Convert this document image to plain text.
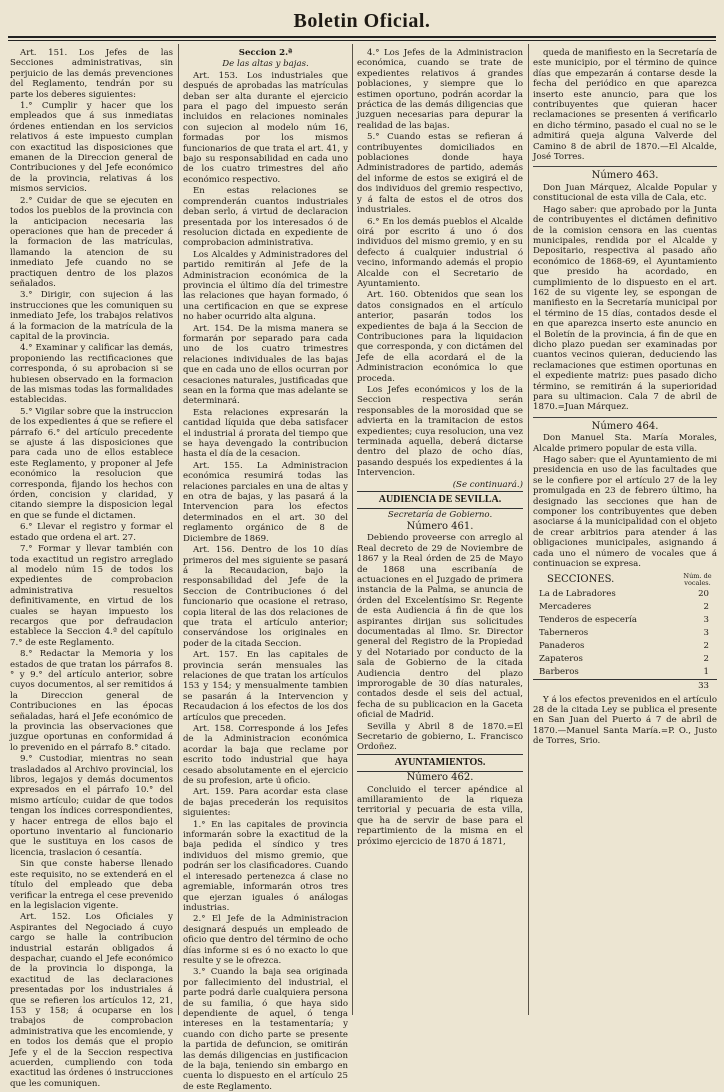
Boletin Oficial.

Art. 151. Los Jefes de las Secciones administrativas, sin perjuicio de las demás prevenciones del Reglamento, tendrán por su parte los deberes siguientes:

1.° Cumplir y hacer que los empleados que á sus inmediatas órdenes entiendan en los servicios relativos á este impuesto cumplan con exactitud las disposiciones que emanen de la Direccion general de Contribuciones y del Jefe económico de la provincia, relativas á los mismos servicios.

2.° Cuidar de que se ejecuten en todos los pueblos de la provincia con la anticipacion necesaria las operaciones que han de preceder á la formacion de las matrículas, llamando la atencion de su inmediato Jefe cuando no se practiquen dentro de los plazos señalados.

3.° Dirigir, con sujecion á las instrucciones que les comuniquen su inmediato Jefe, los trabajos relativos á la formacion de la matrícula de la capital de la provincia.

4.° Examinar y calificar las demás, proponiendo las rectificaciones que corresponda, ó su aprobacion si se hubiesen observado en la formacion de las mismas todas las formalidades establecidas.

5.° Vigilar sobre que la instruccion de los expedientes á que se refiere el párrafo 6.° del artículo precedente se ajuste á las disposiciones que para cada uno de ellos establece este Reglamento, y proponer al Jefe económico la resolucion que corresponda, fijando los hechos con órden, concision y claridad, y citando siempre la disposicion legal en que se funde el dictamen.

6.° Llevar el registro y formar el estado que ordena el art. 27.

7.° Formar y llevar también con toda exactitud un registro arreglado al modelo núm 15 de todos los expedientes de comprobacion administrativa resueltos definitivamente, en virtud de los cuales se hayan impuesto los recargos que por defraudacion establece la Seccion 4.ª del capítulo 7.° de este Reglamento.

8.° Redactar la Memoria y los estados de que tratan los párrafos 8.° y 9.° del artículo anterior, sobre cuyos documentos, al ser remitidos á la Direccion general de Contribuciones en las épocas señaladas, hará el Jefe económico de la provincia las observaciones que juzgue oportunas en conformidad á lo prevenido en el párrafo 8.° citado.

9.° Custodiar, mientras no sean trasladados al Archivo provincial, los libros, legajos y demás documentos expresados en el párrafo 10.° del mismo artículo; cuidar de que todos tengan los índices correspondientes, y hacer entrega de ellos bajo el oportuno inventario al funcionario que le sustituya en los casos de licencia, traslacion ó cesantía.

Sin que conste haberse llenado este requisito, no se extenderá en el título del empleado que deba verificar la entrega el cese prevenido en la legislacion vigente.

Art. 152. Los Oficiales y Aspirantes del Negociado á cuyo cargo se halle la contribucion industrial estarán obligados á despachar, cuando el Jefe económico de la provincia lo disponga, la exactitud de las declaraciones presentadas por los industriales á que se refieren los artículos 12, 21, 153 y 158; á ocuparse en los trabajos de comprobacion administrativa que les encomiende, y en todos los demás que el propio Jefe y el de la Seccion respectiva acuerden, cumpliendo con toda exactitud las órdenes ó instrucciones que les comuniquen.

Seccion 2.ª

De las altas y bajas.

Art. 153. Los industriales que después de aprobadas las matrículas deban ser alta durante el ejercicio para el pago del impuesto serán incluidos en relaciones nominales con sujecion al modelo núm 16, formadas por los mismos funcionarios de que trata el art. 41, y bajo su responsabilidad en cada uno de los cuatro trimestres del año económico respectivo.

En estas relaciones se comprenderán cuantos industriales deban serlo, á virtud de declaracion presentada por los interesados ó de resolucion dictada en expediente de comprobacion administrativa.

Los Alcaldes y Administradores del partido remitirán al Jefe de la Administracion económica de la provincia el último día del trimestre las relaciones que hayan formado, ó una certificacion en que se exprese no haber ocurrido alta alguna.

Art. 154. De la misma manera se formarán por separado para cada uno de los cuatro trimestres relaciones individuales de las bajas que en cada uno de ellos ocurran por cesaciones naturales, justificadas que sean en la forma que mas adelante se determinará.

Esta relaciones expresarán la cantidad líquida que deba satisfacer el industrial á prorata del tiempo que se haya devengado la contribucion hasta el día de la cesacion.

Art. 155. La Administracion económica resumirá todas las relaciones parciales en una de altas y en otra de bajas, y las pasará á la Intervencion para los efectos determinados en el art. 30 del reglamento orgánico de 8 de Diciembre de 1869.

Art. 156. Dentro de los 10 días primeros del mes siguiente se pasará á la Recaudacion, bajo la responsabilidad del Jefe de la Seccion de Contribuciones ó del funcionario que ocasione el retraso, copia literal de las dos relaciones de que trata el artículo anterior; conservándose los originales en poder de la citada Seccion.

Art. 157. En las capitales de provincia serán mensuales las relaciones de que tratan los artículos 153 y 154; y mensualmente tambien se pasarán á la Intervencion y Recaudacion á los efectos de los dos artículos que preceden.

Art. 158. Corresponde á los Jefes de la Administracion económica acordar la baja que reclame por escrito todo industrial que haya cesado absolutamente en el ejercicio de su profesion, arte ú oficio.

Art. 159. Para acordar esta clase de bajas precederán los requisitos siguientes:

1.° En las capitales de provincia informarán sobre la exactitud de la baja pedida el síndico y tres individuos del mismo gremio, que podrán ser los clasificadores. Cuando el interesado pertenezca á clase no agremiable, informarán otros tres que ejerzan iguales ó análogas industrias.

2.° El Jefe de la Administracion designará después un empleado de oficio que dentro del término de ocho días informe si es ó no exacto lo que resulte y se le ofrezca.

3.° Cuando la baja sea originada por fallecimiento del industrial, el parte podrá darle cualquiera persona de su familia, ó que haya sido dependiente de aquel, ó tenga intereses en la testamentaría; y cuando con dicho parte se presente la partida de defuncion, se omitirán las demás diligencias en justificacion de la baja, teniendo sin embargo en cuenta lo dispuesto en el artículo 25 de este Reglamento.

4.° Los Jefes de la Administracion económica, cuando se trate de expedientes relativos á grandes poblaciones, y siempre que lo estimen oportuno, podrán acordar la práctica de las demás diligencias que juzguen necesarias para depurar la realidad de las bajas.

5.° Cuando estas se refieran á contribuyentes domiciliados en poblaciones donde haya Administradores de partido, además del informe de estos se exigirá el de dos individuos del gremio respectivo, y á falta de estos el de otros dos industriales.

6.° En los demás pueblos el Alcalde oirá por escrito á uno ó dos individuos del mismo gremio, y en su defecto á cualquier industrial ó vecino, informando además el propio Alcalde con el Secretario de Ayuntamiento.

Art. 160. Obtenidos que sean los datos consignados en el artículo anterior, pasarán todos los expedientes de baja á la Seccion de Contribuciones para la liquidacion que corresponda, y con dictámen del Jefe de ella acordará el de la Administracion económica lo que proceda.

Los Jefes económicos y los de la Seccion respectiva serán responsables de la morosidad que se advierta en la tramitacion de estos expedientes; cuya resolucion, una vez terminada aquella, deberá dictarse dentro del plazo de ocho días, pasando después los expedientes á la Intervencion.

(Se continuará.)

AUDIENCIA DE SEVILLA.

Secretaría de Gobierno.

Número 461.

Debiendo proveerse con arreglo al Real decreto de 29 de Noviembre de 1867 y la Real órden de 25 de Mayo de 1868 una escribanía de actuaciones en el Juzgado de primera instancia de la Palma, se anuncia de órden del Excelentísimo Sr. Regente de esta Audiencia á fin de que los aspirantes dirijan sus solicitudes documentadas al Ilmo. Sr. Director general del Registro de la Propiedad y del Notariado por conducto de la sala de Gobierno de la citada Audiencia dentro del plazo improrogable de 30 días naturales, contados desde el seis del actual, fecha de su publicacion en la Gaceta oficial de Madrid.

Sevilla y Abril 8 de 1870.=El Secretario de gobierno, L. Francisco Ordoñez.

AYUNTAMIENTOS.

Número 462.

Concluido el tercer apéndice al amillaramiento de la riqueza territorial y pecuaria de esta villa, que ha de servir de base para el repartimiento de la misma en el próximo ejercicio de 1870 á 1871,

queda de manifiesto en la Secretaría de este municipio, por el término de quince días que empezarán á contarse desde la fecha del periódico en que aparezca inserto este anuncio, para que los contribuyentes que quieran hacer reclamaciones se presenten á verificarlo en dicho término, pasado el cual no se le admitirá queja alguna Valverde del Camino 8 de abril de 1870.—El Alcalde, José Torres.

Número 463.

Don Juan Márquez, Alcalde Popular y constitucional de esta villa de Cala, etc.

Hago saber: que aprobado por la Junta de contribuyentes el dictámen definitivo de la comision censora en las cuentas municipales, rendida por el Alcalde y Depositario, respectiva al pasado año económico de 1868-69, el Ayuntamiento que presido ha acordado, en cumplimiento de lo dispuesto en el art. 162 de su vigente ley, se espongan de manifiesto en la Secretaría municipal por el término de 15 días, contados desde el en que aparezca inserto este anuncio en el Boletín de la provincia, á fin de que en dicho plazo puedan ser examinadas por cuantos vecinos quieran, deduciendo las reclamaciones que estimen oportunas en el expediente matriz: pues pasado dicho término, se remitirán á la superioridad para su ultimacion. Cala 7 de abril de 1870.=Juan Márquez.

Número 464.

Don Manuel Sta. María Morales, Alcalde primero popular de esta villa.

Hago saber: que el Ayuntamiento de mi presidencia en uso de las facultades que se le confiere por el artículo 27 de la ley promulgada en 23 de febrero último, ha designado las secciones que han de componer los contribuyentes que deben asociarse á la municipalidad con el objeto de crear arbitrios para atender á las obligaciones municipales, asignando á cada uno el número de vocales que á continuacion se expresa.

SECCIONES.	Núm. de vocales.
La de Labradores	20
Mercaderes	2
Tenderos de especería	3
Taberneros	3
Panaderos	2
Zapateros	2
Barberos	1
	33

Y á los efectos prevenidos en el artículo 28 de la citada Ley se publica el presente en San Juan del Puerto á 7 de abril de 1870.—Manuel Santa María.=P. O., Justo de Torres, Srio.
